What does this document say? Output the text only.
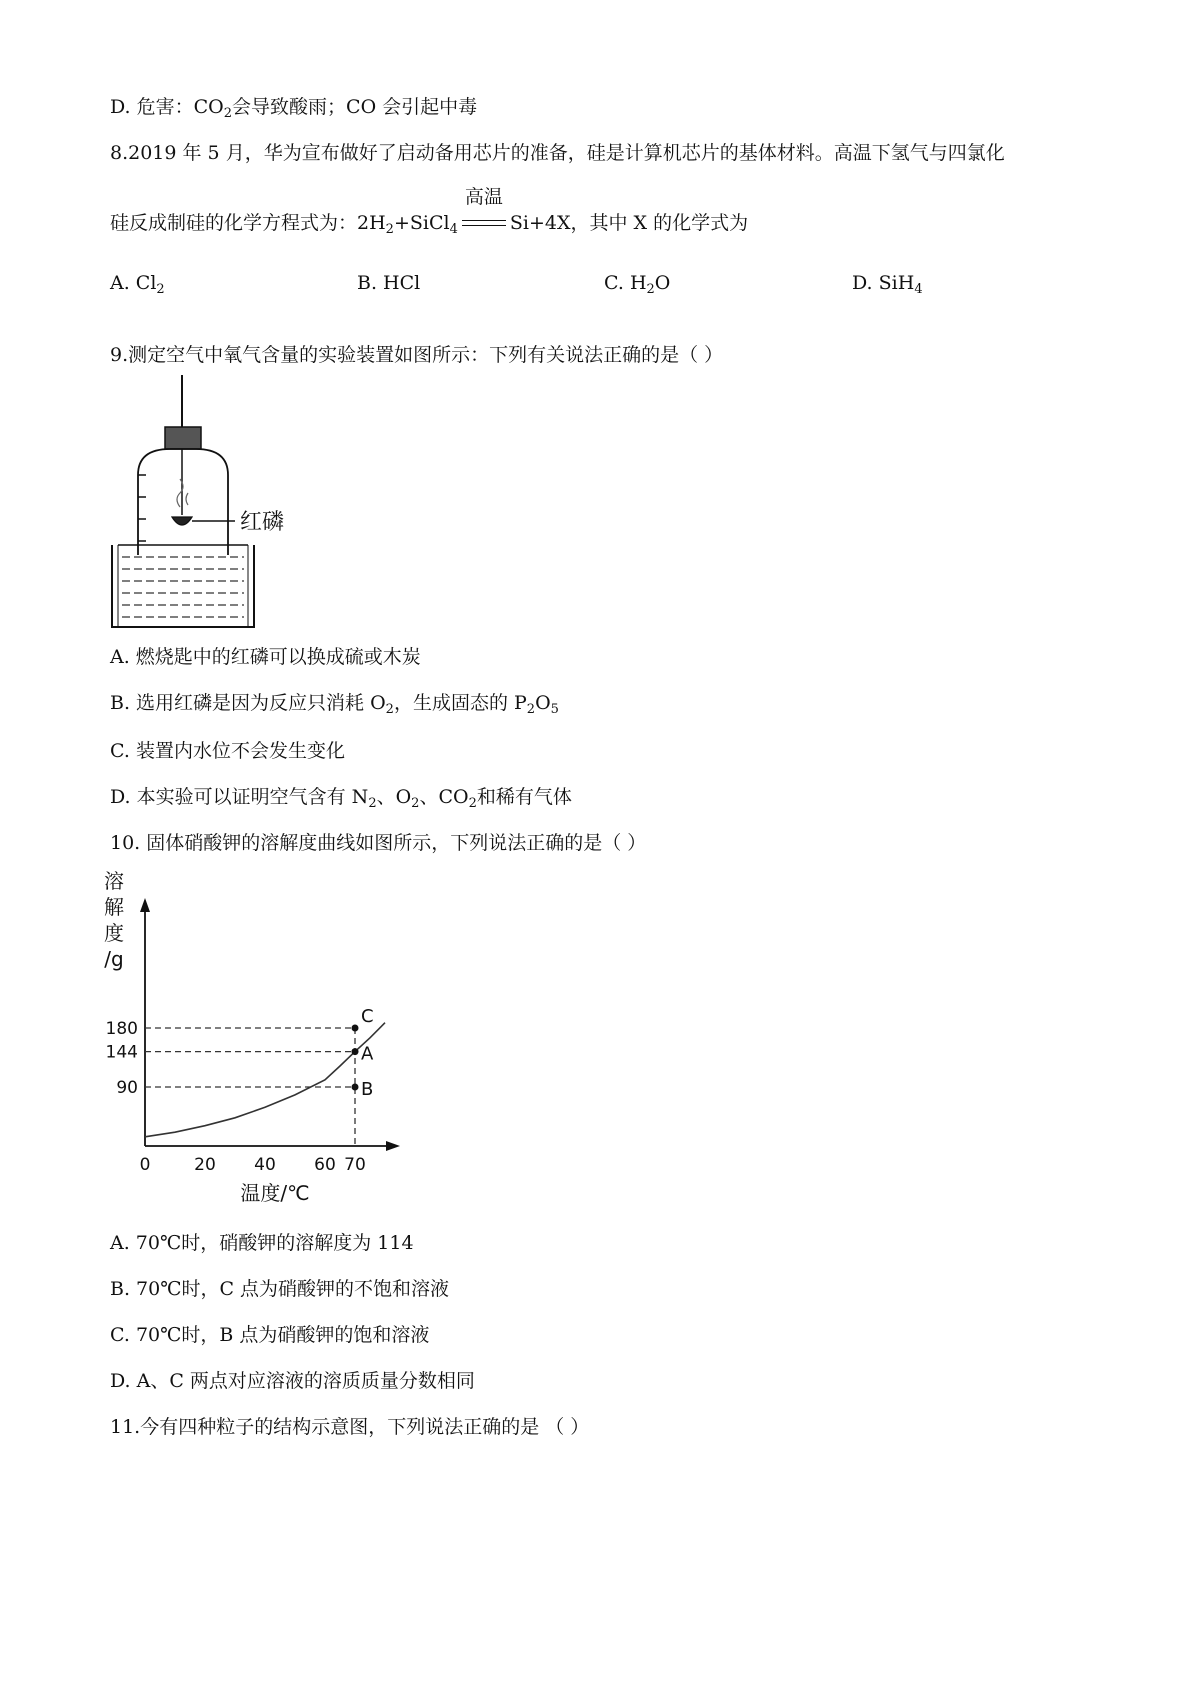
D. 危害：$CO_2$会导致酸雨；CO 会引起中毒
8.2019 年 5 月，华为宣布做好了启动备用芯片的准备，硅是计算机芯片的基体材料。高温下氢气与四氯化
硅反成制硅的化学方程式为：$2H_2+SiCl_4$
高温
Si+4X，其中 X 的化学式为
A. $Cl_2$	B. HCl	C. $H_2O$	D. SiH$_4$
9.测定空气中氧气含量的实验装置如图所示：下列有关说法正确的是（ ）
红磷
A. 燃烧匙中的红磷可以换成硫或木炭
B. 选用红磷是因为反应只消耗 $O_2$，生成固态的 $P_2O_5$
C. 装置内水位不会发生变化
D. 本实验可以证明空气含有 $N_2$、$O_2$、$CO_2$和稀有气体
10. 固体硝酸钾的溶解度曲线如图所示，下列说法正确的是（ ）
溶
解
度
/g
0	20 40 60 70
90
144
180
C
A
B
温度/℃
A. 70℃时，硝酸钾的溶解度为 114
B. 70℃时，C 点为硝酸钾的不饱和溶液
C. 70℃时，B 点为硝酸钾的饱和溶液
D. A、C 两点对应溶液的溶质质量分数相同
11.今有四种粒子的结构示意图，下列说法正确的是 （ ）
